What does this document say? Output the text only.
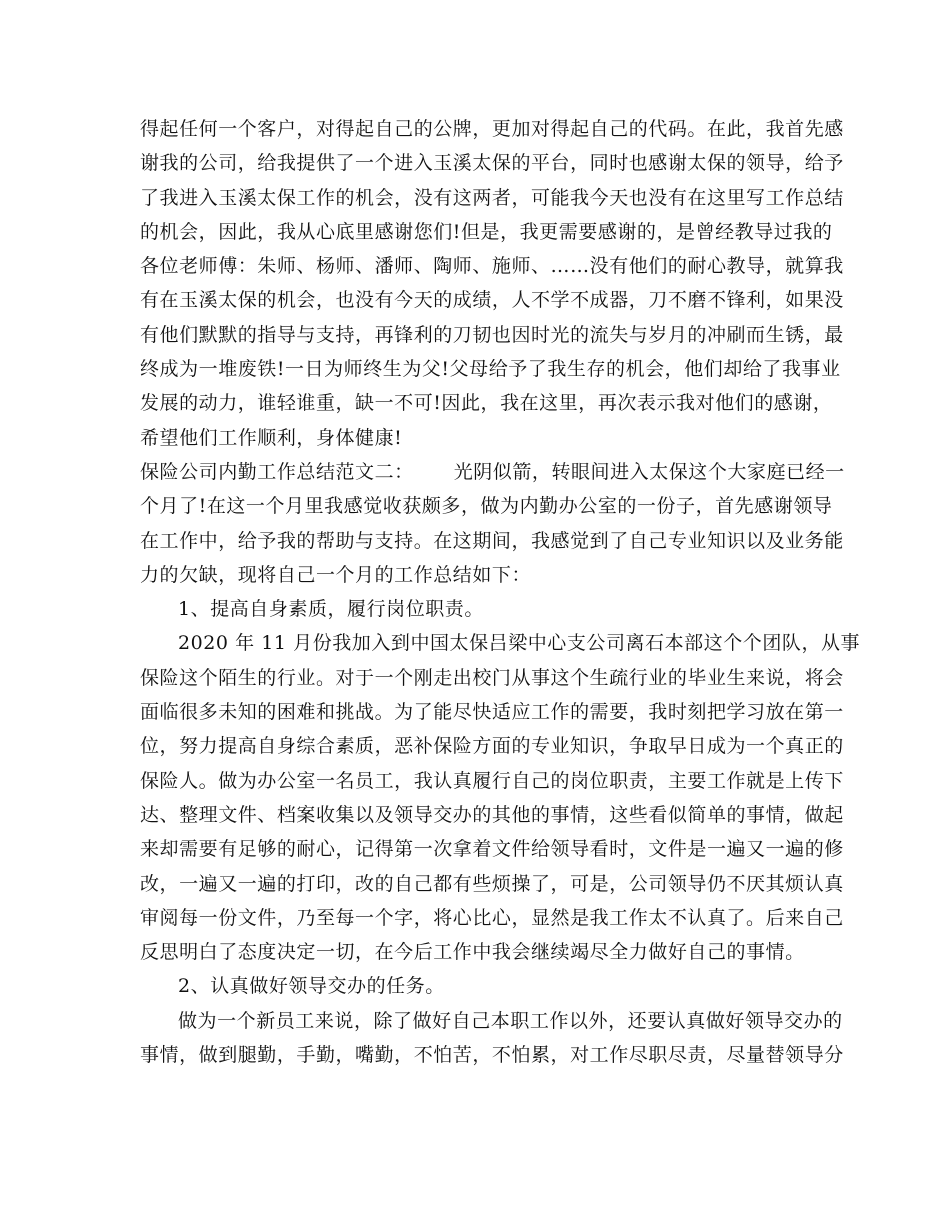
得起任何一个客户，对得起自己的公牌，更加对得起自己的代码。在此，我首先感
谢我的公司，给我提供了一个进入玉溪太保的平台，同时也感谢太保的领导，给予
了我进入玉溪太保工作的机会，没有这两者，可能我今天也没有在这里写工作总结
的机会，因此，我从心底里感谢您们!但是，我更需要感谢的，是曾经教导过我的
各位老师傅：朱师、杨师、潘师、陶师、施师、……没有他们的耐心教导，就算我
有在玉溪太保的机会，也没有今天的成绩，人不学不成器，刀不磨不锋利，如果没
有他们默默的指导与支持，再锋利的刀韧也因时光的流失与岁月的冲刷而生锈，最
终成为一堆废铁!一日为师终生为父!父母给予了我生存的机会，他们却给了我事业
发展的动力，谁轻谁重，缺一不可!因此，我在这里，再次表示我对他们的感谢，
希望他们工作顺利，身体健康!
保险公司内勤工作总结范文二： 光阴似箭，转眼间进入太保这个大家庭已经一
个月了!在这一个月里我感觉收获颇多，做为内勤办公室的一份子，首先感谢领导
在工作中，给予我的帮助与支持。在这期间，我感觉到了自己专业知识以及业务能
力的欠缺，现将自己一个月的工作总结如下：
1、提高自身素质，履行岗位职责。
2020 年 11 月份我加入到中国太保吕梁中心支公司离石本部这个个团队，从事
保险这个陌生的行业。对于一个刚走出校门从事这个生疏行业的毕业生来说，将会
面临很多未知的困难和挑战。为了能尽快适应工作的需要，我时刻把学习放在第一
位，努力提高自身综合素质，恶补保险方面的专业知识，争取早日成为一个真正的
保险人。做为办公室一名员工，我认真履行自己的岗位职责，主要工作就是上传下
达、整理文件、档案收集以及领导交办的其他的事情，这些看似简单的事情，做起
来却需要有足够的耐心，记得第一次拿着文件给领导看时，文件是一遍又一遍的修
改，一遍又一遍的打印，改的自己都有些烦操了，可是，公司领导仍不厌其烦认真
审阅每一份文件，乃至每一个字，将心比心，显然是我工作太不认真了。后来自己
反思明白了态度决定一切，在今后工作中我会继续竭尽全力做好自己的事情。
2、认真做好领导交办的任务。
做为一个新员工来说，除了做好自己本职工作以外，还要认真做好领导交办的
事情，做到腿勤，手勤，嘴勤，不怕苦，不怕累，对工作尽职尽责，尽量替领导分
